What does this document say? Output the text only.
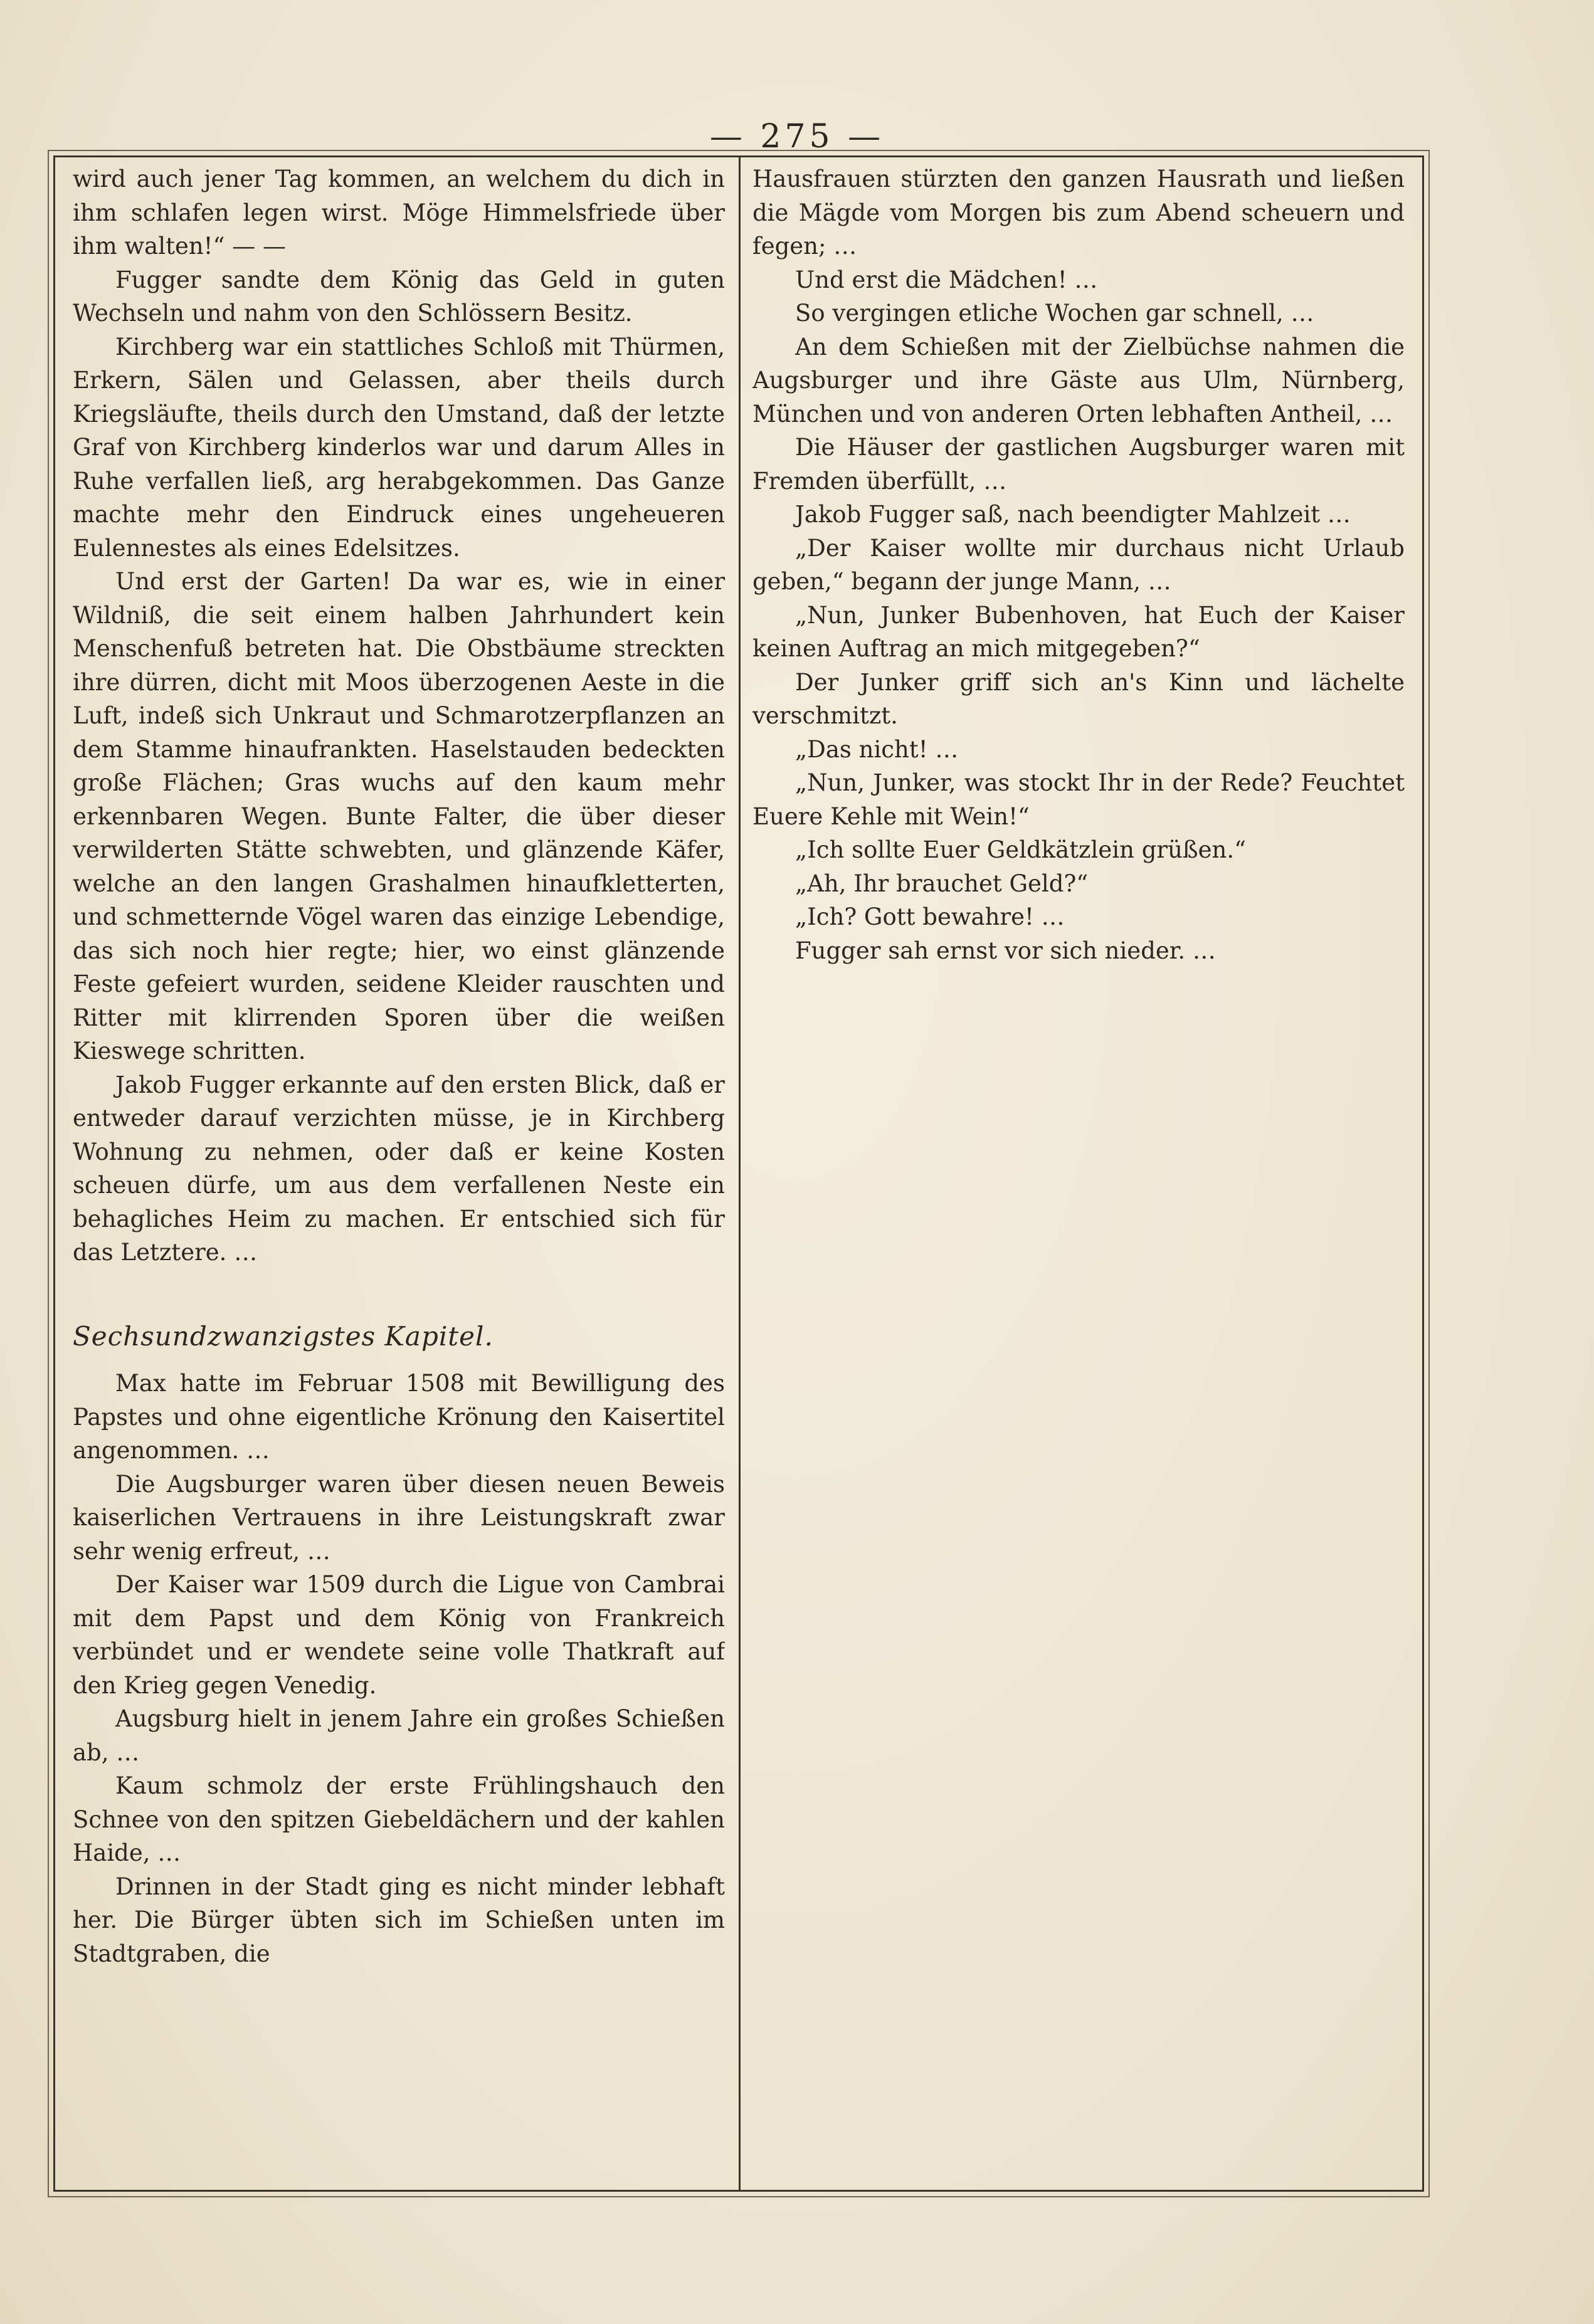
— 275 —

wird auch jener Tag kommen, an welchem du dich in ihm schlafen legen wirst. Möge Himmelsfriede über ihm walten!“ — —

Fugger sandte dem König das Geld in guten Wechseln und nahm von den Schlössern Besitz.

Kirchberg war ein stattliches Schloß mit Thürmen, Erkern, Sälen und Gelassen, aber theils durch Kriegsläufte, theils durch den Umstand, daß der letzte Graf von Kirchberg kinderlos war und darum Alles in Ruhe verfallen ließ, arg herabgekommen. Das Ganze machte mehr den Eindruck eines ungeheueren Eulennestes als eines Edelsitzes.

Und erst der Garten! Da war es, wie in einer Wildniß, die seit einem halben Jahrhundert kein Menschenfuß betreten hat. Die Obstbäume streckten ihre dürren, dicht mit Moos überzogenen Aeste in die Luft, indeß sich Unkraut und Schmarotzerpflanzen an dem Stamme hinaufrankten. Haselstauden bedeckten große Flächen; Gras wuchs auf den kaum mehr erkennbaren Wegen. Bunte Falter, die über dieser verwilderten Stätte schwebten, und glänzende Käfer, welche an den langen Grashalmen hinaufkletterten, und schmetternde Vögel waren das einzige Lebendige, das sich noch hier regte; hier, wo einst glänzende Feste gefeiert wurden, seidene Kleider rauschten und Ritter mit klirrenden Sporen über die weißen Kieswege schritten.

Jakob Fugger erkannte auf den ersten Blick, daß er entweder darauf verzichten müsse, je in Kirchberg Wohnung zu nehmen, oder daß er keine Kosten scheuen dürfe, um aus dem verfallenen Neste ein behagliches Heim zu machen. Er entschied sich für das Letztere. …

Sechsundzwanzigstes Kapitel.

Max hatte im Februar 1508 mit Bewilligung des Papstes und ohne eigentliche Krönung den Kaisertitel angenommen. …

Die Augsburger waren über diesen neuen Beweis kaiserlichen Vertrauens in ihre Leistungskraft zwar sehr wenig erfreut, …

Der Kaiser war 1509 durch die Ligue von Cambrai mit dem Papst und dem König von Frankreich verbündet und er wendete seine volle Thatkraft auf den Krieg gegen Venedig.

Augsburg hielt in jenem Jahre ein großes Schießen ab, …

Kaum schmolz der erste Frühlingshauch den Schnee von den spitzen Giebeldächern und der kahlen Haide, …

Drinnen in der Stadt ging es nicht minder lebhaft her. Die Bürger übten sich im Schießen unten im Stadtgraben, die

Hausfrauen stürzten den ganzen Hausrath und ließen die Mägde vom Morgen bis zum Abend scheuern und fegen; …

Und erst die Mädchen! …

So vergingen etliche Wochen gar schnell, …

An dem Schießen mit der Zielbüchse nahmen die Augsburger und ihre Gäste aus Ulm, Nürnberg, München und von anderen Orten lebhaften Antheil, …

Die Häuser der gastlichen Augsburger waren mit Fremden überfüllt, …

Jakob Fugger saß, nach beendigter Mahlzeit …

„Der Kaiser wollte mir durchaus nicht Urlaub geben,“ begann der junge Mann, …

„Nun, Junker Bubenhoven, hat Euch der Kaiser keinen Auftrag an mich mitgegeben?“

Der Junker griff sich an's Kinn und lächelte verschmitzt.

„Das nicht! …

„Nun, Junker, was stockt Ihr in der Rede? Feuchtet Euere Kehle mit Wein!“

„Ich sollte Euer Geldkätzlein grüßen.“

„Ah, Ihr brauchet Geld?“

„Ich? Gott bewahre! …

Fugger sah ernst vor sich nieder. …
